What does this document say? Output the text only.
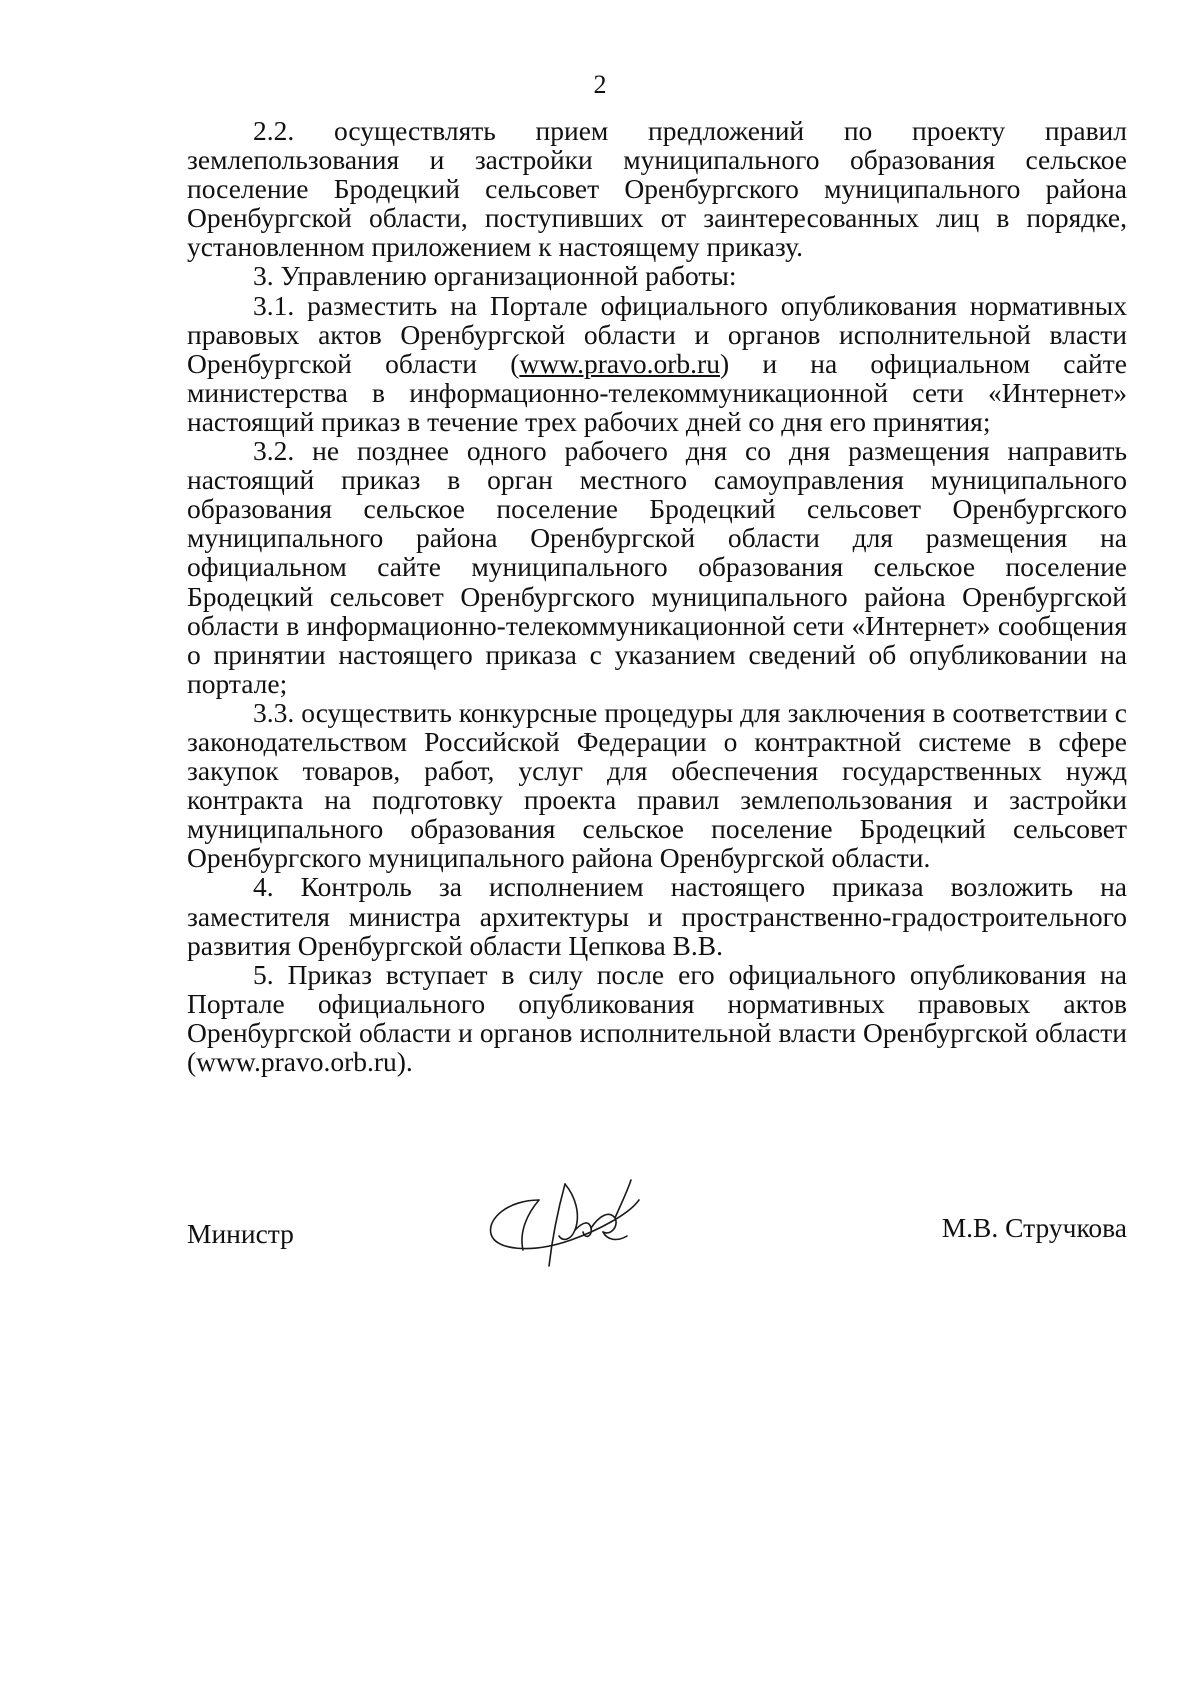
2

2.2. осуществлять прием предложений по проекту правил землепользования и застройки муниципального образования сельское поселение Бродецкий сельсовет Оренбургского муниципального района Оренбургской области, поступивших от заинтересованных лиц в порядке, установленном приложением к настоящему приказу.

3. Управлению организационной работы:

3.1. разместить на Портале официального опубликования нормативных правовых актов Оренбургской области и органов исполнительной власти Оренбургской области (www.pravo.orb.ru) и на официальном сайте министерства в информационно-телекоммуникационной сети «Интернет» настоящий приказ в течение трех рабочих дней со дня его принятия;

3.2. не позднее одного рабочего дня со дня размещения направить настоящий приказ в орган местного самоуправления муниципального образования сельское поселение Бродецкий сельсовет Оренбургского муниципального района Оренбургской области для размещения на официальном сайте муниципального образования сельское поселение Бродецкий сельсовет Оренбургского муниципального района Оренбургской области в информационно-телекоммуникационной сети «Интернет» сообщения о принятии настоящего приказа с указанием сведений об опубликовании на портале;

3.3. осуществить конкурсные процедуры для заключения в соответствии с законодательством Российской Федерации о контрактной системе в сфере закупок товаров, работ, услуг для обеспечения государственных нужд контракта на подготовку проекта правил землепользования и застройки муниципального образования сельское поселение Бродецкий сельсовет Оренбургского муниципального района Оренбургской области.

4. Контроль за исполнением настоящего приказа возложить на заместителя министра архитектуры и пространственно-градостроительного развития Оренбургской области Цепкова В.В.

5. Приказ вступает в силу после его официального опубликования на Портале официального опубликования нормативных правовых актов Оренбургской области и органов исполнительной власти Оренбургской области (www.pravo.orb.ru).

Министр	М.В. Стручкова
